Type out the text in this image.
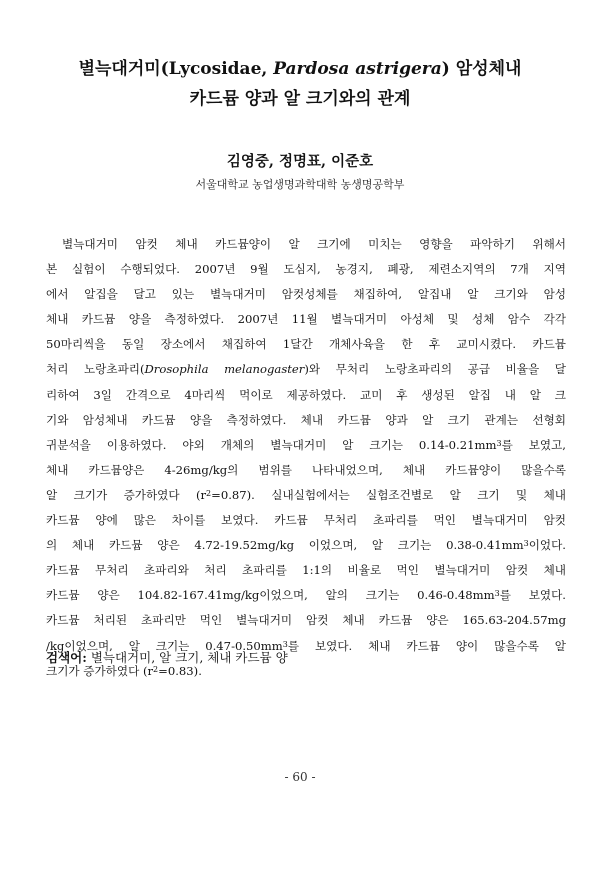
별늑대거미(Lycosidae, Pardosa astrigera) 암성체내
카드뮴 양과 알 크기와의 관계
김영중, 정명표, 이준호
서울대학교 농업생명과학대학 농생명공학부
별늑대거미 암컷 체내 카드뮴양이 알 크기에 미치는 영향을 파악하기 위해서
본 실험이 수행되었다. 2007년 9월 도심지, 농경지, 폐광, 제련소지역의 7개 지역
에서 알집을 달고 있는 별늑대거미 암컷성체를 채집하여, 알집내 알 크기와 암성
체내 카드뮴 양을 측정하였다. 2007년 11월 별늑대거미 아성체 및 성체 암수 각각
50마리씩을 동일 장소에서 채집하여 1달간 개체사육을 한 후 교미시켰다. 카드뮴
처리 노랑초파리(Drosophila melanogaster)와 무처리 노랑초파리의 공급 비율을 달
리하여 3일 간격으로 4마리씩 먹이로 제공하였다. 교미 후 생성된 알집 내 알 크
기와 암성체내 카드뮴 양을 측정하였다. 체내 카드뮴 양과 알 크기 관계는 선형회
귀분석을 이용하였다. 야외 개체의 별늑대거미 알 크기는 $0.14-0.21mm^3$를 보였고,
체내 카드뮴양은 4-26mg/kg의 범위를 나타내었으며, 체내 카드뮴양이 많을수록
알 크기가 증가하였다 $(r^2=0.87)$. 실내실험에서는 실험조건별로 알 크기 및 체내
카드뮴 양에 많은 차이를 보였다. 카드뮴 무처리 초파리를 먹인 별늑대거미 암컷
의 체내 카드뮴 양은 4.72-19.52mg/kg 이었으며, 알 크기는 $0.38-0.41mm^3$이었다.
카드뮴 무처리 초파리와 처리 초파리를 1:1의 비율로 먹인 별늑대거미 암컷 체내
카드뮴 양은 104.82-167.41mg/kg이었으며, 알의 크기는 $0.46-0.48mm^3$를 보였다.
카드뮴 처리된 초파리만 먹인 별늑대거미 암컷 체내 카드뮴 양은 165.63-204.57mg
/kg이었으며, 알 크기는 $0.47-0.50mm^3$를 보였다. 체내 카드뮴 양이 많을수록 알
크기가 증가하였다 $(r^2=0.83)$.
검색어: 별늑대거미, 알 크기, 체내 카드뮴 양
- 60 -
